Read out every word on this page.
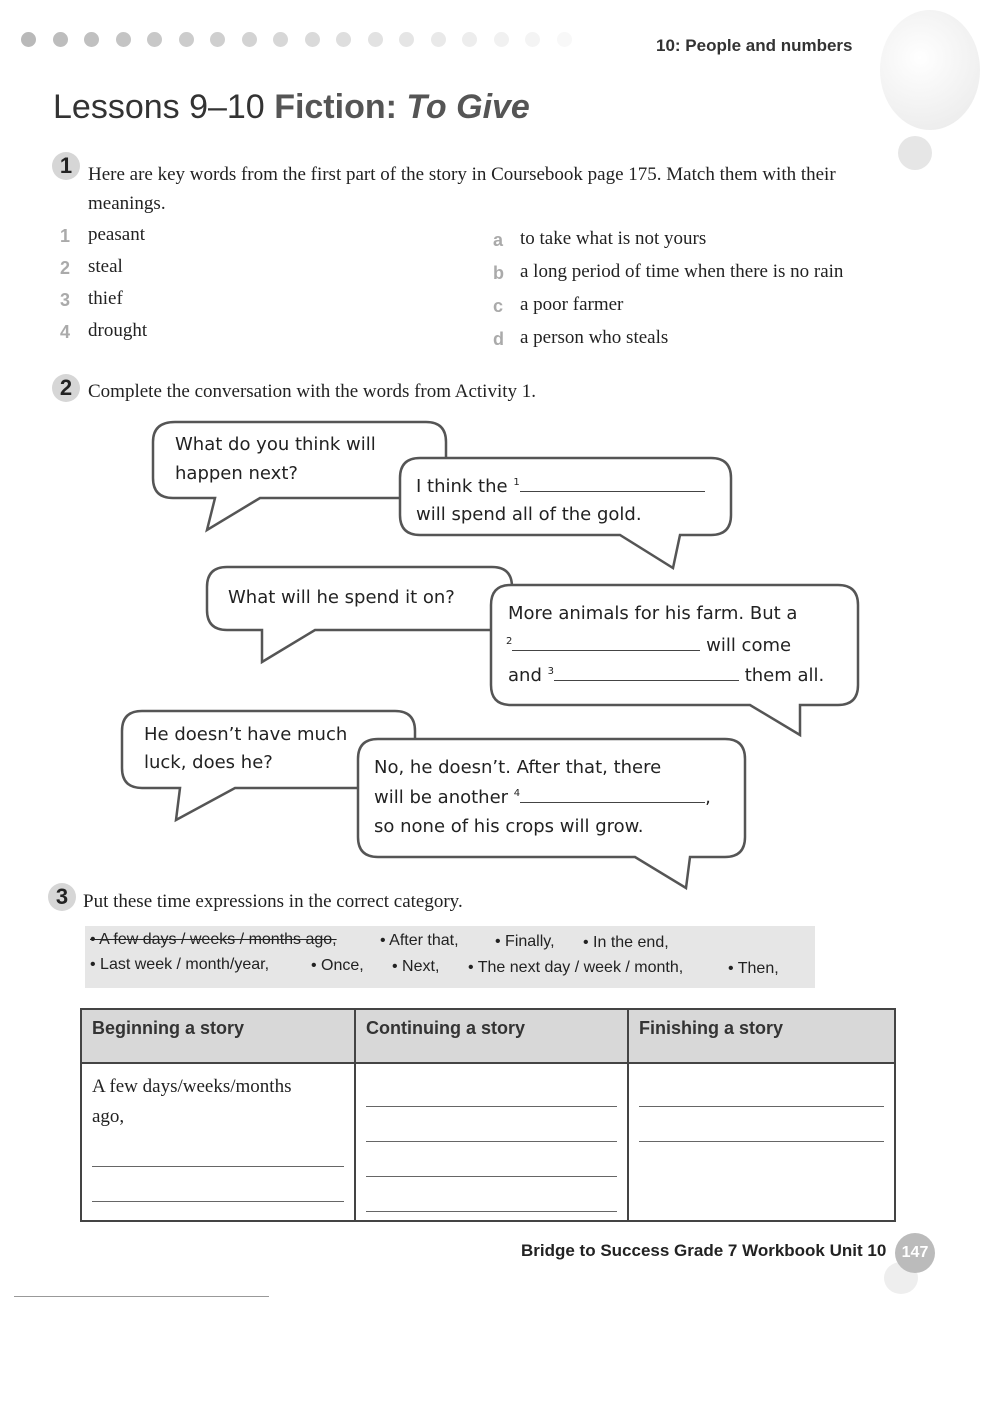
10: People and numbers
Lessons 9–10 Fiction: To Give
1 Here are key words from the first part of the story in Coursebook page 175. Match them with their meanings.
1 peasant
2 steal
3 thief
4 drought
a to take what is not yours
b a long period of time when there is no rain
c a poor farmer
d a person who steals
2 Complete the conversation with the words from Activity 1.
What do you think will
happen next?
I think the $^1$
will spend all of the gold.
What will he spend it on?
More animals for his farm. But a
$^2$	will come
and $^3$	them all.
He doesn’t have much
luck, does he?	No, he doesn’t. After that, there
will be another $^4$	,
so none of his crops will grow.
3 Put these time expressions in the correct category.
• A few days / weeks / months ago,	• After that, • Finally, • In the end,
• Last week / month/year,	• Once, • Next, • The next day / week / month,	• Then,
Beginning a story	Continuing a story	Finishing a story

A few days/weeks/months ago,		

Bridge to Success Grade 7 Workbook Unit 10 147
